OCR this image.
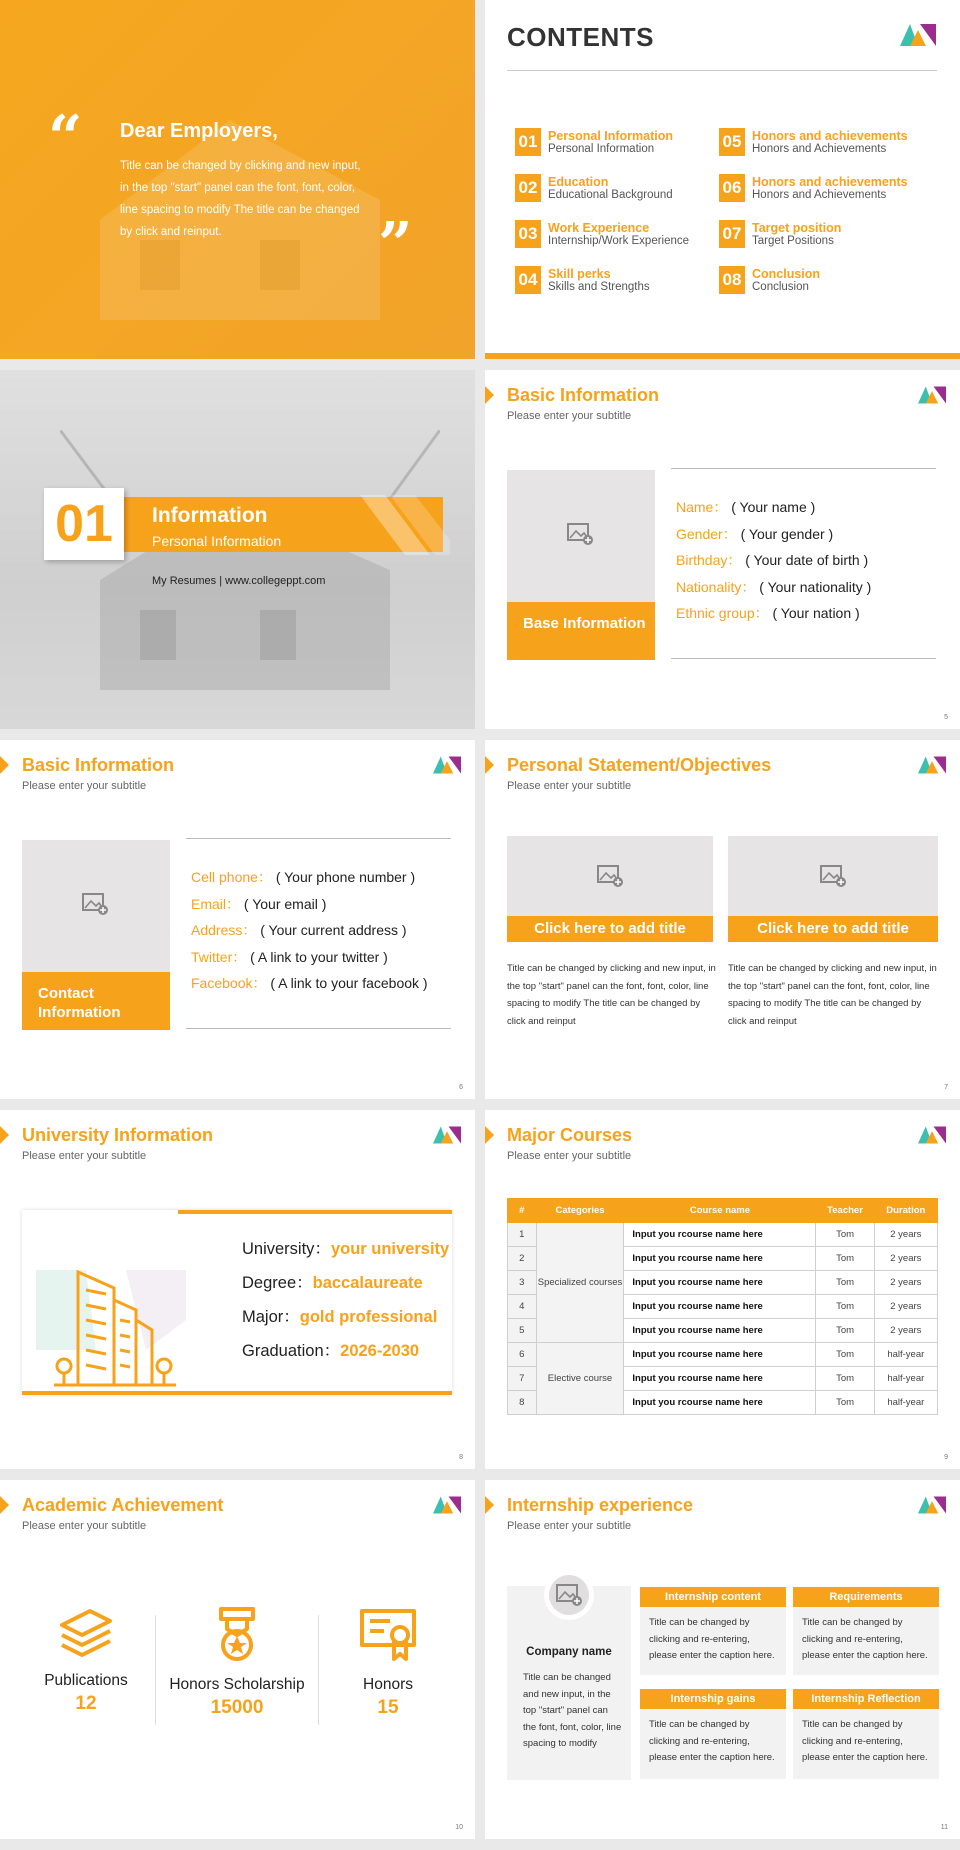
“ Dear Employers,
Title can be changed by clicking and new input, in the top "start" panel can the font, font, color, line spacing to modify The title can be changed by click and reinput.	”
CONTENTS
01 Personal Information
Personal Information
02 Education
Educational Background
03 Work Experience
Internship/Work Experience
04 Skill perks
Skills and Strengths
05 Honors and achievements
Honors and Achievements
06 Honors and achievements
Honors and Achievements
07 Target position
Target Positions
08 Conclusion
Conclusion
01	Information
Personal Information
My Resumes | www.collegeppt.com
Basic Information
Please enter your subtitle
Base Information
Name： ( Your name )
Gender： ( Your gender )
Birthday： ( Your date of birth )
Nationality： ( Your nationality )
Ethnic group： ( Your nation )
5
Basic Information
Please enter your subtitle
Contact Information
Cell phone： ( Your phone number )
Email： ( Your email )
Address： ( Your current address )
Twitter： ( A link to your twitter )
Facebook： ( A link to your facebook )
6
Personal Statement/Objectives
Please enter your subtitle
Click here to add title
Title can be changed by clicking and new input, in the top "start" panel can the font, font, color, line spacing to modify The title can be changed by click and reinput
Click here to add title
Title can be changed by clicking and new input, in the top "start" panel can the font, font, color, line spacing to modify The title can be changed by click and reinput
7
University Information
Please enter your subtitle
University：your university
Degree：baccalaureate
Major：gold professional
Graduation：2026-2030
8
Major Courses
Please enter your subtitle
#	Categories	Course name	Teacher	Duration
1	Specialized courses	Input you rcourse name here	Tom	2 years
2		Input you rcourse name here	Tom	2 years
3		Input you rcourse name here	Tom	2 years
4		Input you rcourse name here	Tom	2 years
5		Input you rcourse name here	Tom	2 years
6	Elective course	Input you rcourse name here	Tom	half-year
7		Input you rcourse name here	Tom	half-year
8		Input you rcourse name here	Tom	half-year
9
Academic Achievement
Please enter your subtitle
Publications
12
Honors Scholarship
15000
Honors
15
10
Internship experience
Please enter your subtitle
Company name
Title can be changed and new input, in the top "start" panel can the font, font, color, line spacing to modify
Internship content
Title can be changed by clicking and re-entering, please enter the caption here.
Requirements
Title can be changed by clicking and re-entering, please enter the caption here.
Internship gains
Title can be changed by clicking and re-entering, please enter the caption here.
Internship Reflection
Title can be changed by clicking and re-entering, please enter the caption here.
11
